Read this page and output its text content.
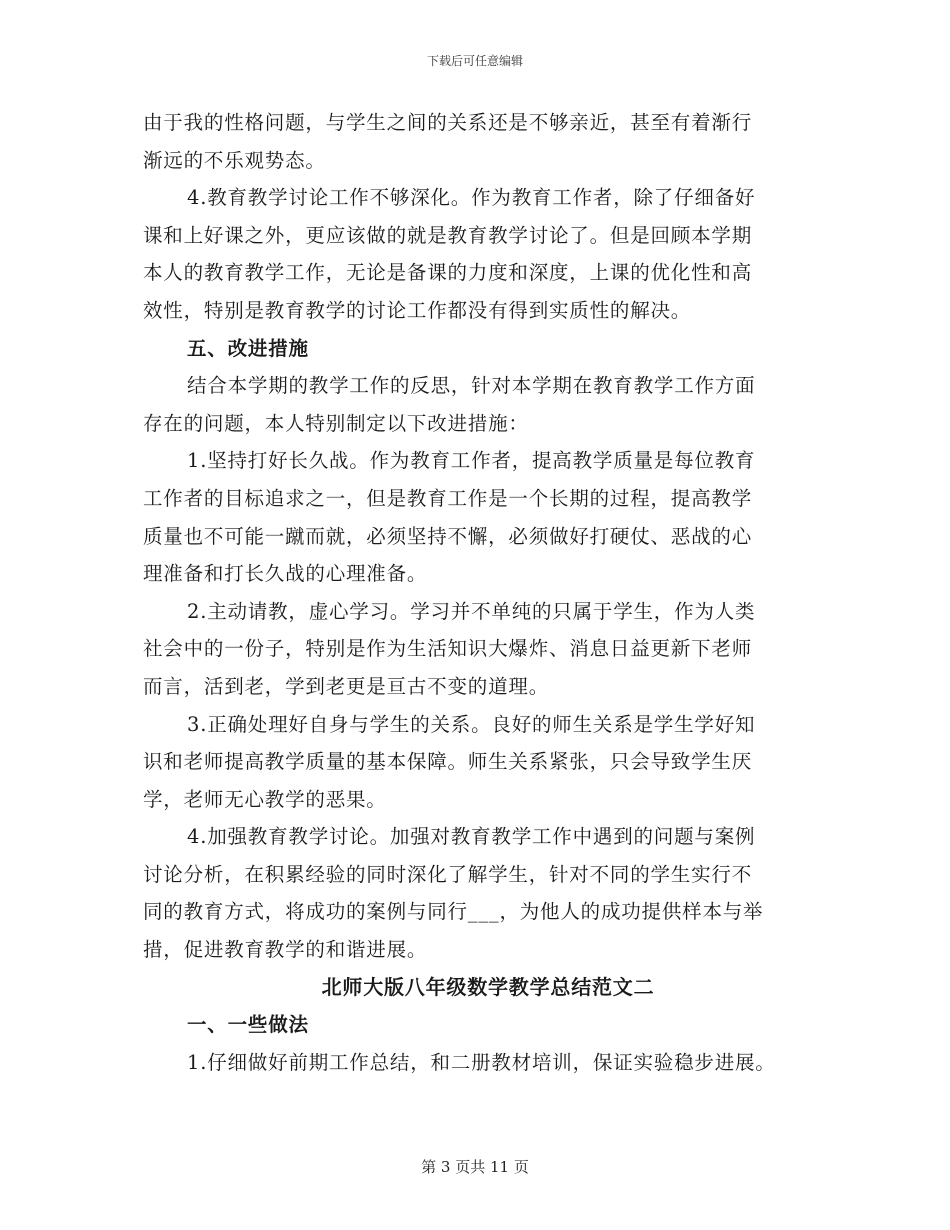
下载后可任意编辑
由于我的性格问题，与学生之间的关系还是不够亲近，甚至有着渐行
渐远的不乐观势态。
4.教育教学讨论工作不够深化。作为教育工作者，除了仔细备好
课和上好课之外，更应该做的就是教育教学讨论了。但是回顾本学期
本人的教育教学工作，无论是备课的力度和深度，上课的优化性和高
效性，特别是教育教学的讨论工作都没有得到实质性的解决。
五、改进措施
结合本学期的教学工作的反思，针对本学期在教育教学工作方面
存在的问题，本人特别制定以下改进措施：
1.坚持打好长久战。作为教育工作者，提高教学质量是每位教育
工作者的目标追求之一，但是教育工作是一个长期的过程，提高教学
质量也不可能一蹴而就，必须坚持不懈，必须做好打硬仗、恶战的心
理准备和打长久战的心理准备。
2.主动请教，虚心学习。学习并不单纯的只属于学生，作为人类
社会中的一份子，特别是作为生活知识大爆炸、消息日益更新下老师
而言，活到老，学到老更是亘古不变的道理。
3.正确处理好自身与学生的关系。良好的师生关系是学生学好知
识和老师提高教学质量的基本保障。师生关系紧张，只会导致学生厌
学，老师无心教学的恶果。
4.加强教育教学讨论。加强对教育教学工作中遇到的问题与案例
讨论分析，在积累经验的同时深化了解学生，针对不同的学生实行不
同的教育方式，将成功的案例与同行___，为他人的成功提供样本与举
措，促进教育教学的和谐进展。
北师大版八年级数学教学总结范文二
一、一些做法
1.仔细做好前期工作总结，和二册教材培训，保证实验稳步进展。
第 3 页共 11 页
